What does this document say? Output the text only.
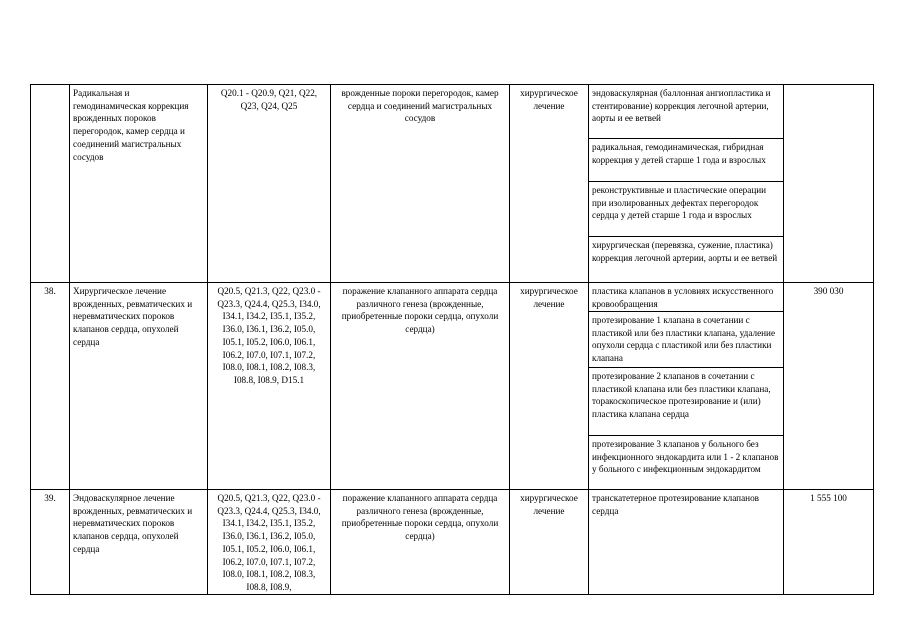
	Радикальная и гемодинамическая коррекция врожденных пороков перегородок, камер сердца и соединений магистральных сосудов	Q20.1 - Q20.9, Q21, Q22, Q23, Q24, Q25	врожденные пороки перегородок, камер сердца и соединений магистральных сосудов	хирургическое лечение	эндоваскулярная (баллонная ангиопластика и стентирование) коррекция легочной артерии, аорты и ее ветвей	
					радикальная, гемодинамическая, гибридная коррекция у детей старше 1 года и взрослых	
					реконструктивные и пластические операции при изолированных дефектах перегородок сердца у детей старше 1 года и взрослых	
					хирургическая (перевязка, сужение, пластика) коррекция легочной артерии, аорты и ее ветвей	
38.	Хирургическое лечение врожденных, ревматических и неревматических пороков клапанов сердца, опухолей сердца	Q20.5, Q21.3, Q22, Q23.0 - Q23.3, Q24.4, Q25.3, I34.0, I34.1, I34.2, I35.1, I35.2, I36.0, I36.1, I36.2, I05.0, I05.1, I05.2, I06.0, I06.1, I06.2, I07.0, I07.1, I07.2, I08.0, I08.1, I08.2, I08.3, I08.8, I08.9, D15.1	поражение клапанного аппарата сердца различного генеза (врожденные, приобретенные пороки сердца, опухоли сердца)	хирургическое лечение	пластика клапанов в условиях искусственного кровообращения	390 030
					протезирование 1 клапана в сочетании с пластикой или без пластики клапана, удаление опухоли сердца с пластикой или без пластики клапана	
					протезирование 2 клапанов в сочетании с пластикой клапана или без пластики клапана, торакоскопическое протезирование и (или) пластика клапана сердца	
					протезирование 3 клапанов у больного без инфекционного эндокардита или 1 - 2 клапанов у больного с инфекционным эндокардитом	
39.	Эндоваскулярное лечение врожденных, ревматических и неревматических пороков клапанов сердца, опухолей сердца	Q20.5, Q21.3, Q22, Q23.0 - Q23.3, Q24.4, Q25.3, I34.0, I34.1, I34.2, I35.1, I35.2, I36.0, I36.1, I36.2, I05.0, I05.1, I05.2, I06.0, I06.1, I06.2, I07.0, I07.1, I07.2, I08.0, I08.1, I08.2, I08.3, I08.8, I08.9,	поражение клапанного аппарата сердца различного генеза (врожденные, приобретенные пороки сердца, опухоли сердца)	хирургическое лечение	транскатетерное протезирование клапанов сердца	1 555 100
